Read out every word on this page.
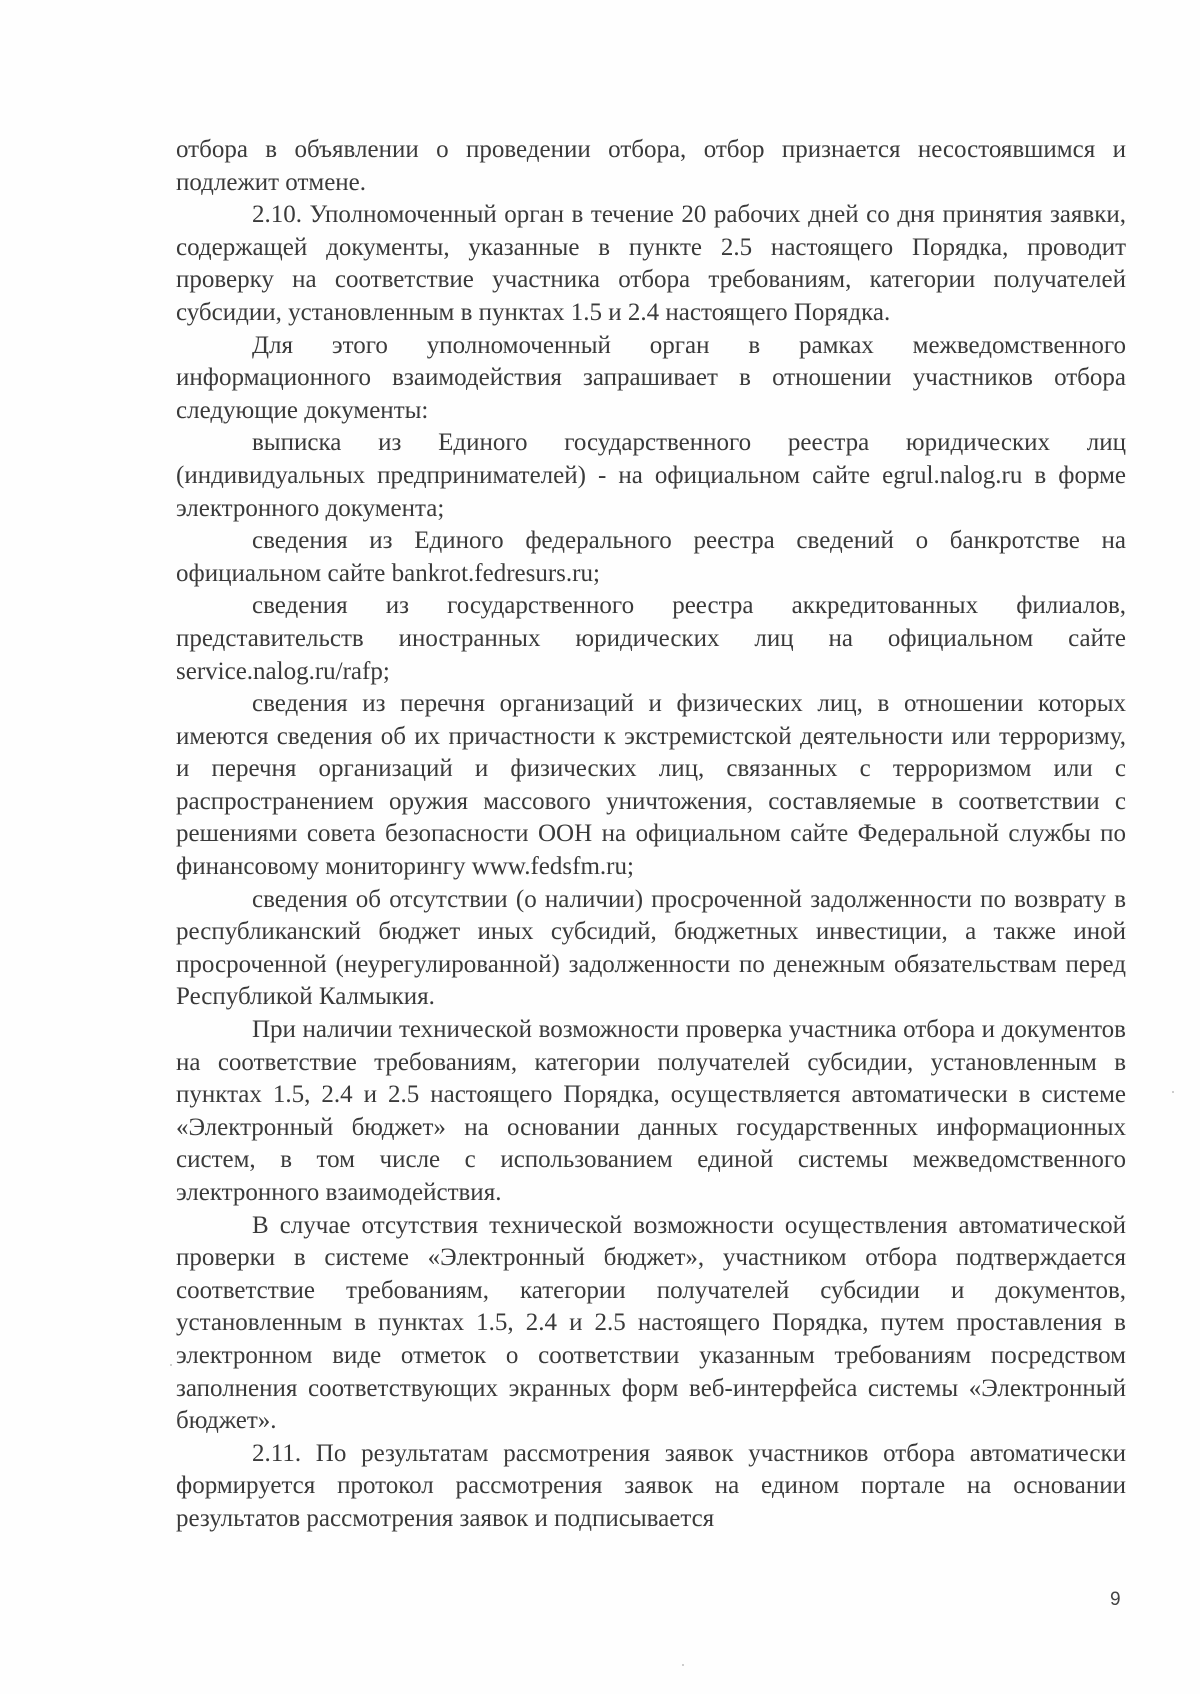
отбора в объявлении о проведении отбора, отбор признается несостоявшимся и подлежит отмене.

2.10. Уполномоченный орган в течение 20 рабочих дней со дня принятия заявки, содержащей документы, указанные в пункте 2.5 настоящего Порядка, проводит проверку на соответствие участника отбора требованиям, категории получателей субсидии, установленным в пунктах 1.5 и 2.4 настоящего Порядка.

Для этого уполномоченный орган в рамках межведомственного информационного взаимодействия запрашивает в отношении участников отбора следующие документы:

выписка из Единого государственного реестра юридических лиц (индивидуальных предпринимателей) - на официальном сайте egrul.nalog.ru в форме электронного документа;

сведения из Единого федерального реестра сведений о банкротстве на официальном сайте bankrot.fedresurs.ru;

сведения из государственного реестра аккредитованных филиалов, представительств иностранных юридических лиц на официальном сайте service.nalog.ru/rafp;

сведения из перечня организаций и физических лиц, в отношении которых имеются сведения об их причастности к экстремистской деятельности или терроризму, и перечня организаций и физических лиц, связанных с терроризмом или с распространением оружия массового уничтожения, составляемые в соответствии с решениями совета безопасности ООН на официальном сайте Федеральной службы по финансовому мониторингу www.fedsfm.ru;

сведения об отсутствии (о наличии) просроченной задолженности по возврату в республиканский бюджет иных субсидий, бюджетных инвестиции, а также иной просроченной (неурегулированной) задолженности по денежным обязательствам перед Республикой Калмыкия.

При наличии технической возможности проверка участника отбора и документов на соответствие требованиям, категории получателей субсидии, установленным в пунктах 1.5, 2.4 и 2.5 настоящего Порядка, осуществляется автоматически в системе «Электронный бюджет» на основании данных государственных информационных систем, в том числе с использованием единой системы межведомственного электронного взаимодействия.

В случае отсутствия технической возможности осуществления автоматической проверки в системе «Электронный бюджет», участником отбора подтверждается соответствие требованиям, категории получателей субсидии и документов, установленным в пунктах 1.5, 2.4 и 2.5 настоящего Порядка, путем проставления в электронном виде отметок о соответствии указанным требованиям посредством заполнения соответствующих экранных форм веб-интерфейса системы «Электронный бюджет».

2.11. По результатам рассмотрения заявок участников отбора автоматически формируется протокол рассмотрения заявок на едином портале на основании результатов рассмотрения заявок и подписывается

9
